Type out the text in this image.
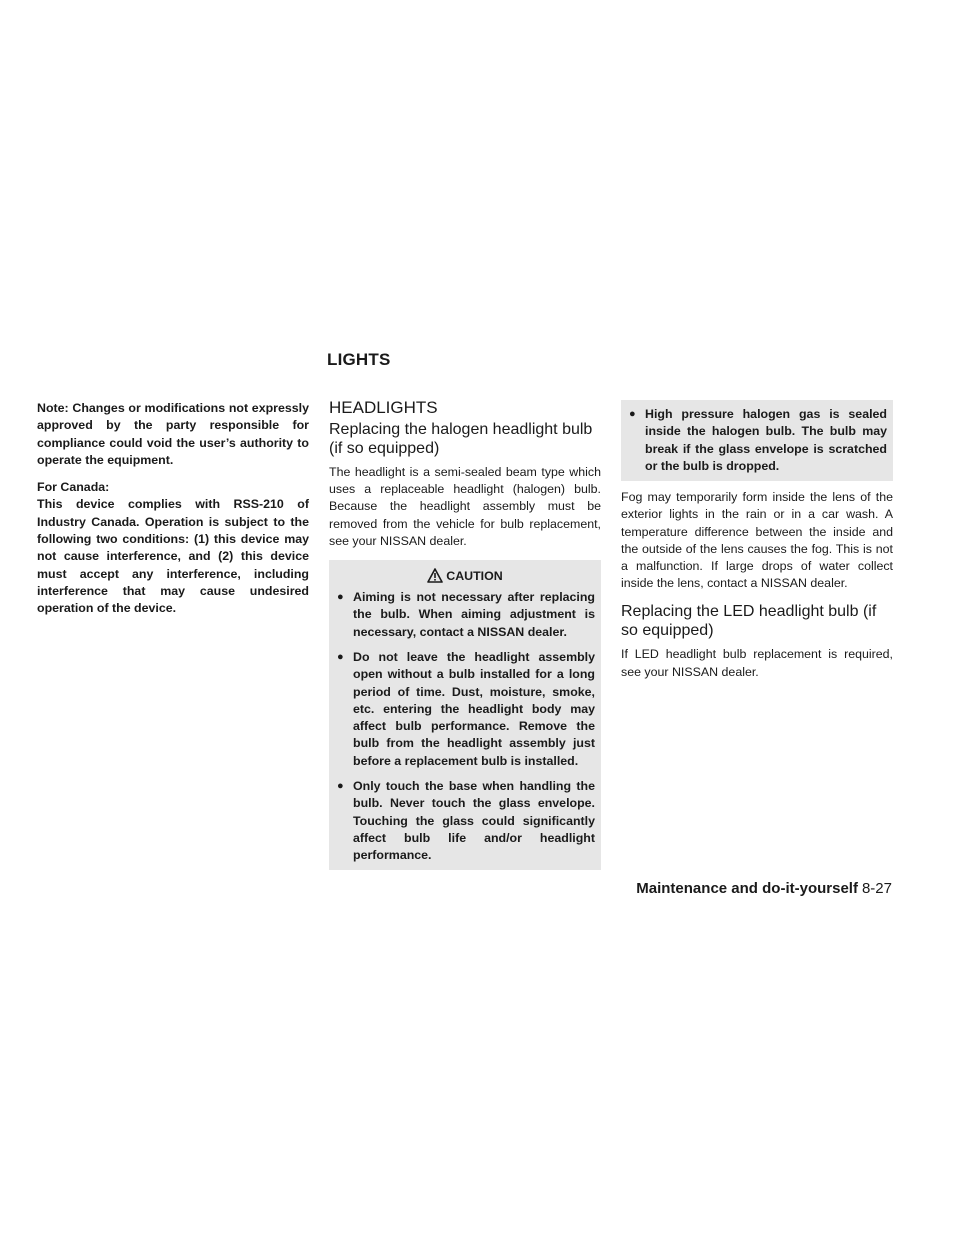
LIGHTS

Note: Changes or modifications not expressly approved by the party responsible for compliance could void the user’s authority to operate the equipment.

For Canada:
This device complies with RSS-210 of Industry Canada. Operation is subject to the following two conditions: (1) this device may not cause interference, and (2) this device must accept any interference, including interference that may cause undesired operation of the device.

HEADLIGHTS
Replacing the halogen headlight bulb (if so equipped)

The headlight is a semi-sealed beam type which uses a replaceable headlight (halogen) bulb. Because the headlight assembly must be removed from the vehicle for bulb replacement, see your NISSAN dealer.

CAUTION
● Aiming is not necessary after replacing the bulb. When aiming adjustment is necessary, contact a NISSAN dealer.
● Do not leave the headlight assembly open without a bulb installed for a long period of time. Dust, moisture, smoke, etc. entering the headlight body may affect bulb performance. Remove the bulb from the headlight assembly just before a replacement bulb is installed.
● Only touch the base when handling the bulb. Never touch the glass envelope. Touching the glass could significantly affect bulb life and/or headlight performance.
● High pressure halogen gas is sealed inside the halogen bulb. The bulb may break if the glass envelope is scratched or the bulb is dropped.

Fog may temporarily form inside the lens of the exterior lights in the rain or in a car wash. A temperature difference between the inside and the outside of the lens causes the fog. This is not a malfunction. If large drops of water collect inside the lens, contact a NISSAN dealer.

Replacing the LED headlight bulb (if so equipped)

If LED headlight bulb replacement is required, see your NISSAN dealer.

Maintenance and do-it-yourself 8-27
